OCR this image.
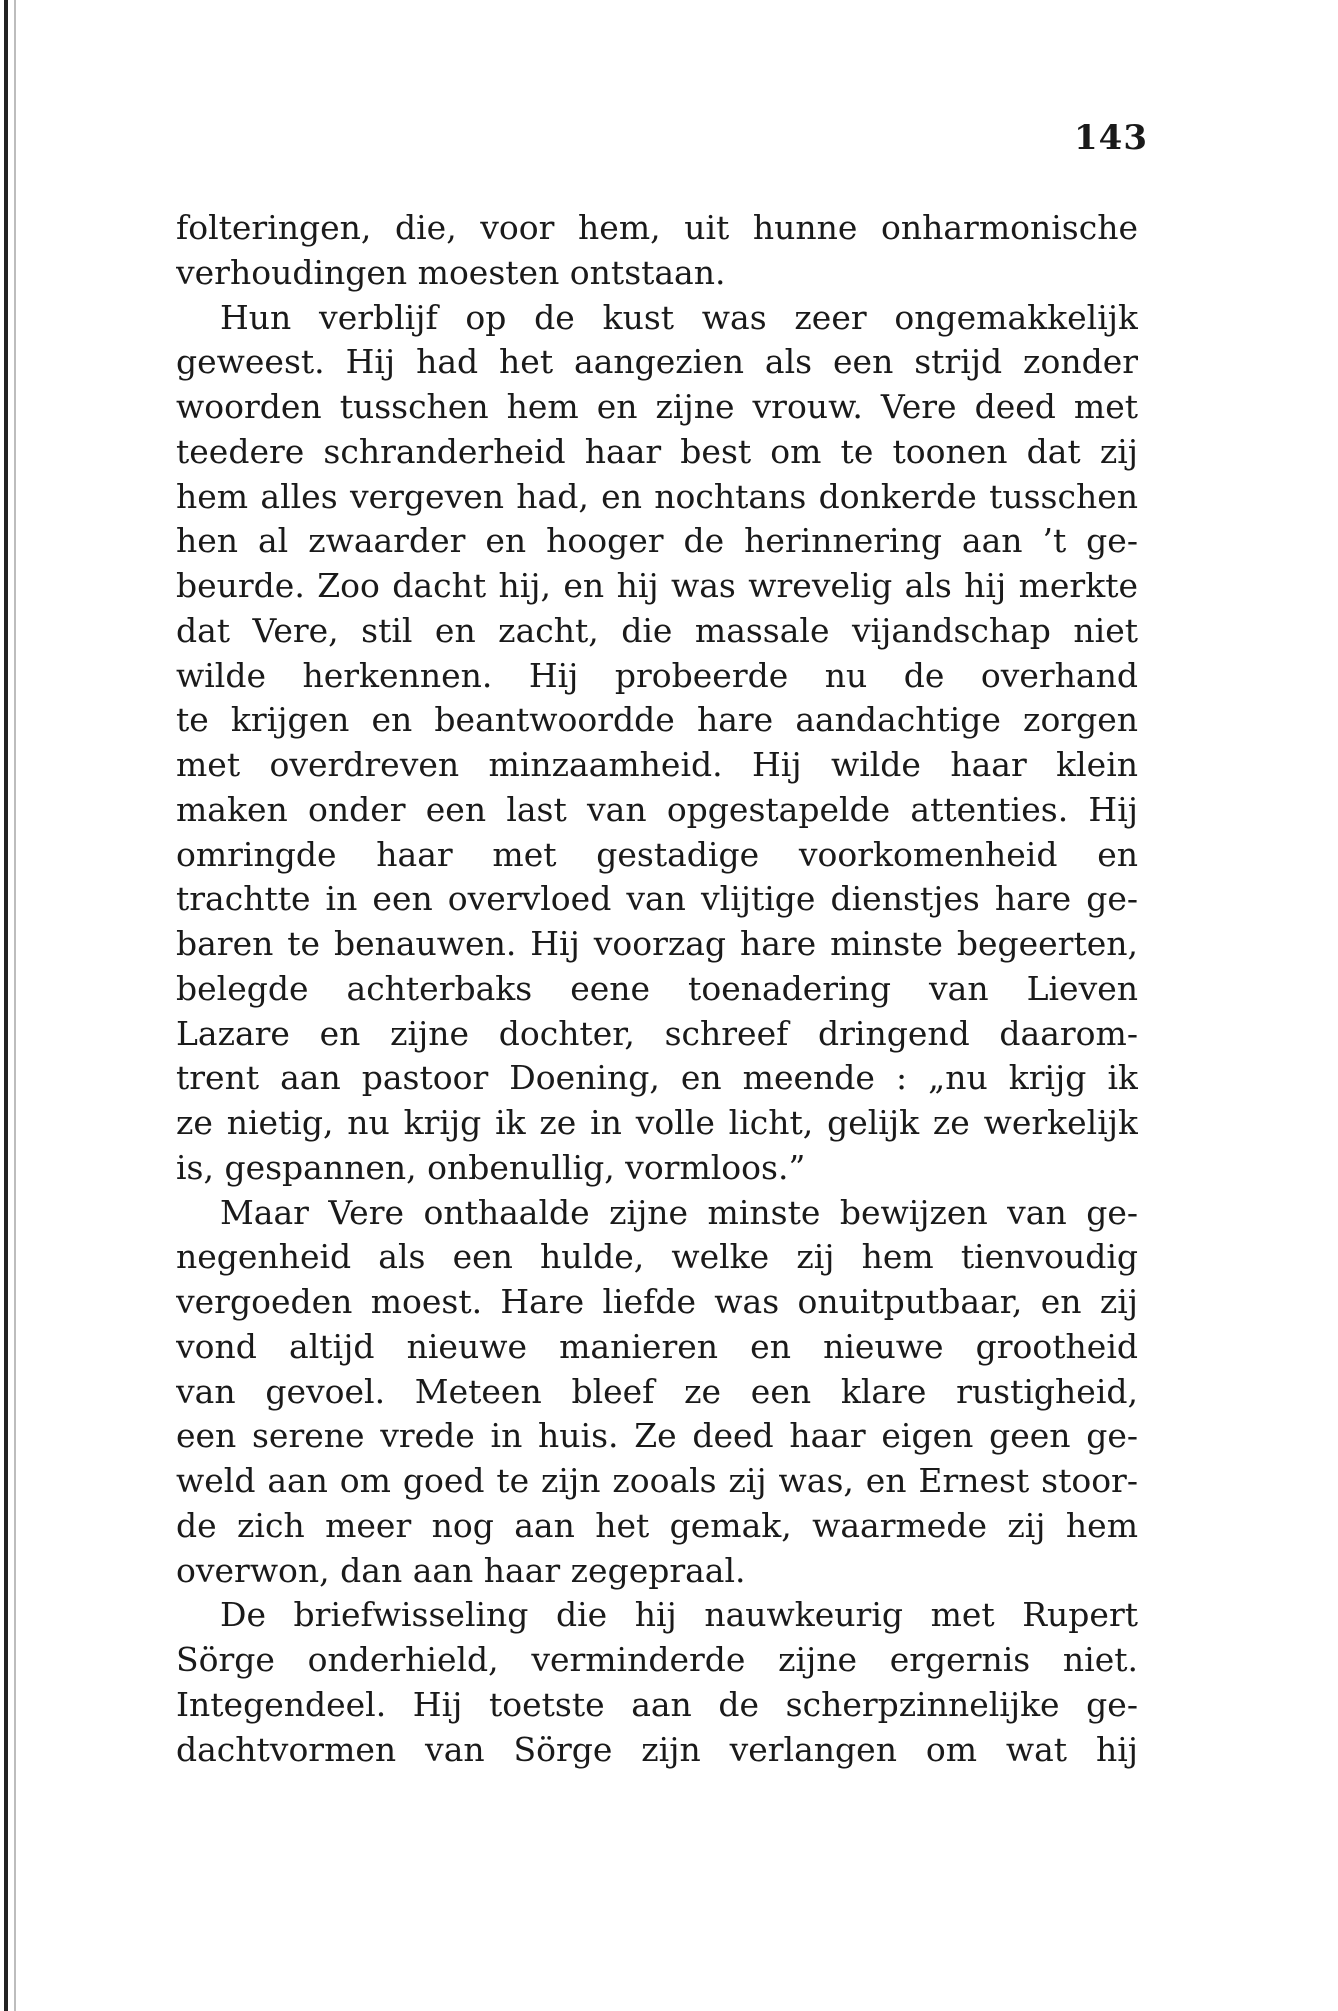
143
folteringen, die, voor hem, uit hunne onharmonische
verhoudingen moesten ontstaan.
Hun verblijf op de kust was zeer ongemakkelijk
geweest. Hij had het aangezien als een strijd zonder
woorden tusschen hem en zijne vrouw. Vere deed met
teedere schranderheid haar best om te toonen dat zij
hem alles vergeven had, en nochtans donkerde tusschen
hen al zwaarder en hooger de herinnering aan ’t ge-
beurde. Zoo dacht hij, en hij was wrevelig als hij merkte
dat Vere, stil en zacht, die massale vijandschap niet
wilde herkennen. Hij probeerde nu de overhand
te krijgen en beantwoordde hare aandachtige zorgen
met overdreven minzaamheid. Hij wilde haar klein
maken onder een last van opgestapelde attenties. Hij
omringde haar met gestadige voorkomenheid en
trachtte in een overvloed van vlijtige dienstjes hare ge-
baren te benauwen. Hij voorzag hare minste begeerten,
belegde achterbaks eene toenadering van Lieven
Lazare en zijne dochter, schreef dringend daarom-
trent aan pastoor Doening, en meende : „nu krijg ik
ze nietig, nu krijg ik ze in volle licht, gelijk ze werkelijk
is, gespannen, onbenullig, vormloos.”
Maar Vere onthaalde zijne minste bewijzen van ge-
negenheid als een hulde, welke zij hem tienvoudig
vergoeden moest. Hare liefde was onuitputbaar, en zij
vond altijd nieuwe manieren en nieuwe grootheid
van gevoel. Meteen bleef ze een klare rustigheid,
een serene vrede in huis. Ze deed haar eigen geen ge-
weld aan om goed te zijn zooals zij was, en Ernest stoor-
de zich meer nog aan het gemak, waarmede zij hem
overwon, dan aan haar zegepraal.
De briefwisseling die hij nauwkeurig met Rupert
Sörge onderhield, verminderde zijne ergernis niet.
Integendeel. Hij toetste aan de scherpzinnelijke ge-
dachtvormen van Sörge zijn verlangen om wat hij
